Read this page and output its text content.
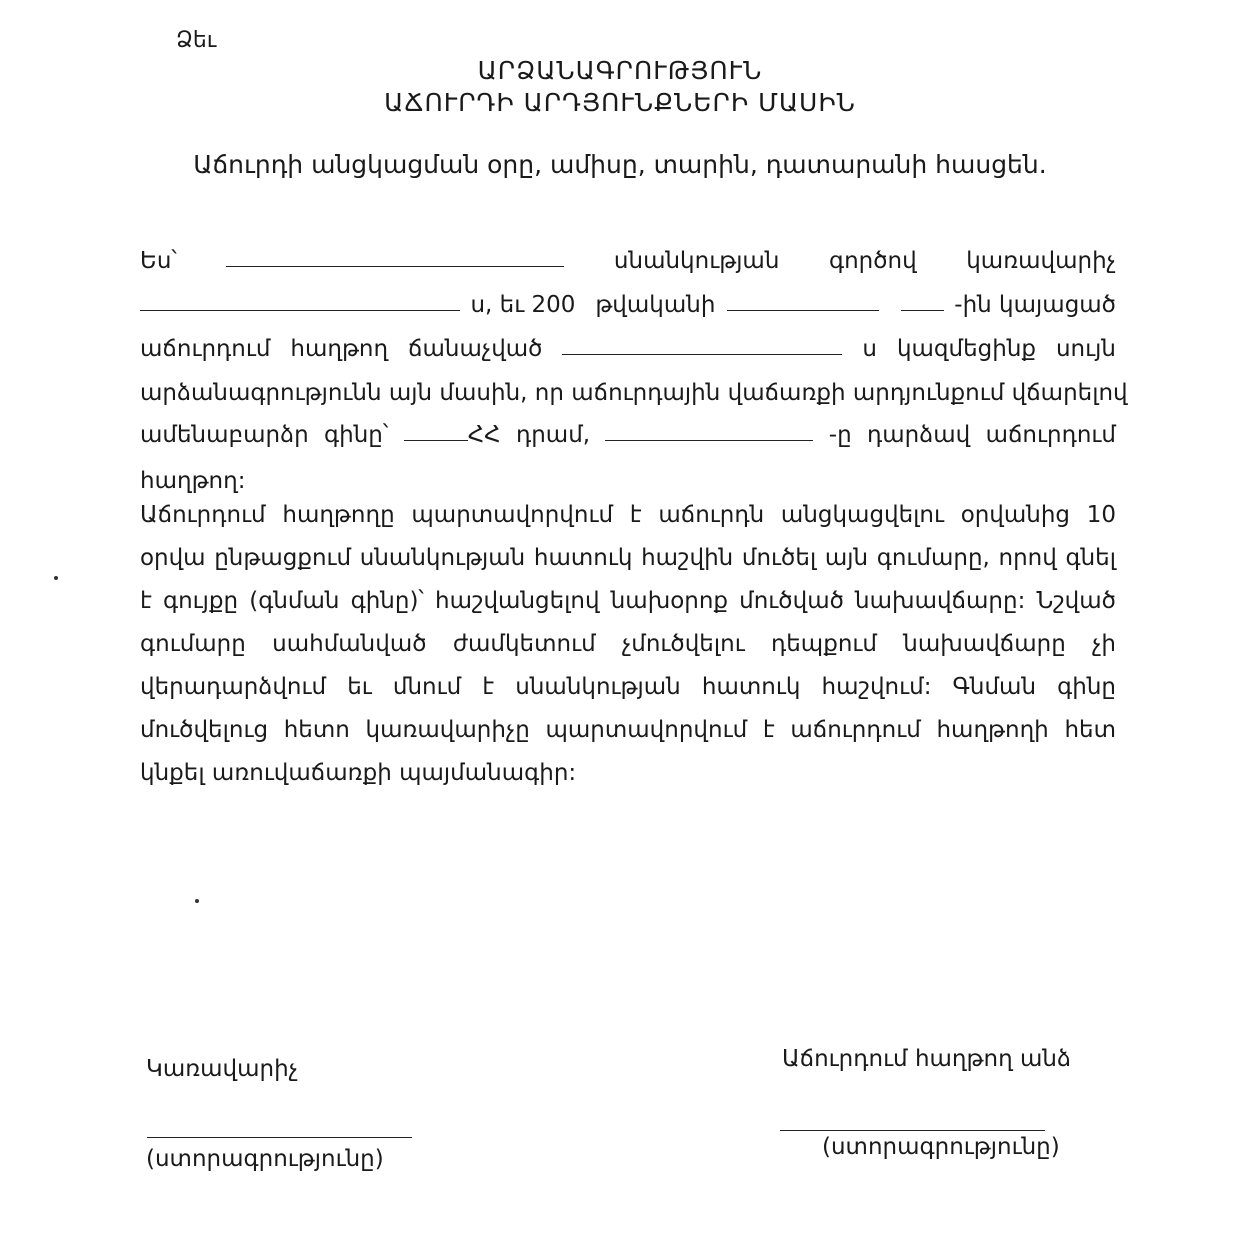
Ձեւ
ԱՐՁԱՆԱԳՐՈՒԹՅՈՒՆ
ԱՃՈՒՐԴԻ ԱՐԴՅՈՒՆՔՆԵՐԻ ՄԱՍԻՆ
Աճուրդի անցկացման օրը, ամիսը, տարին, դատարանի հասցեն.
Ես՝	սնանկության գործով կառավարիչ
ս, եւ 200 թվականի	-ին կայացած
աճուրդում հաղթող ճանաչված	ս կազմեցինք սույն
արձանագրությունն այն մասին, որ աճուրդային վաճառքի արդյունքում վճարելով
ամենաբարձր գինը՝	ՀՀ դրամ,	-ը դարձավ աճուրդում
հաղթող:
Աճուրդում հաղթողը պարտավորվում է աճուրդն անցկացվելու օրվանից 10 օրվա ընթացքում սնանկության հատուկ հաշվին մուծել այն գումարը, որով գնել է գույքը (գնման գինը)՝ հաշվանցելով նախօրոք մուծված նախավճարը: Նշված գումարը սահմանված ժամկետում չմուծվելու դեպքում նախավճարը չի վերադարձվում եւ մնում է սնանկության հատուկ հաշվում: Գնման գինը մուծվելուց հետո կառավարիչը պարտավորվում է աճուրդում հաղթողի հետ կնքել առուվաճառքի պայմանագիր:
Կառավարիչ	Աճուրդում հաղթող անձ
(ստորագրությունը)	(ստորագրությունը)
